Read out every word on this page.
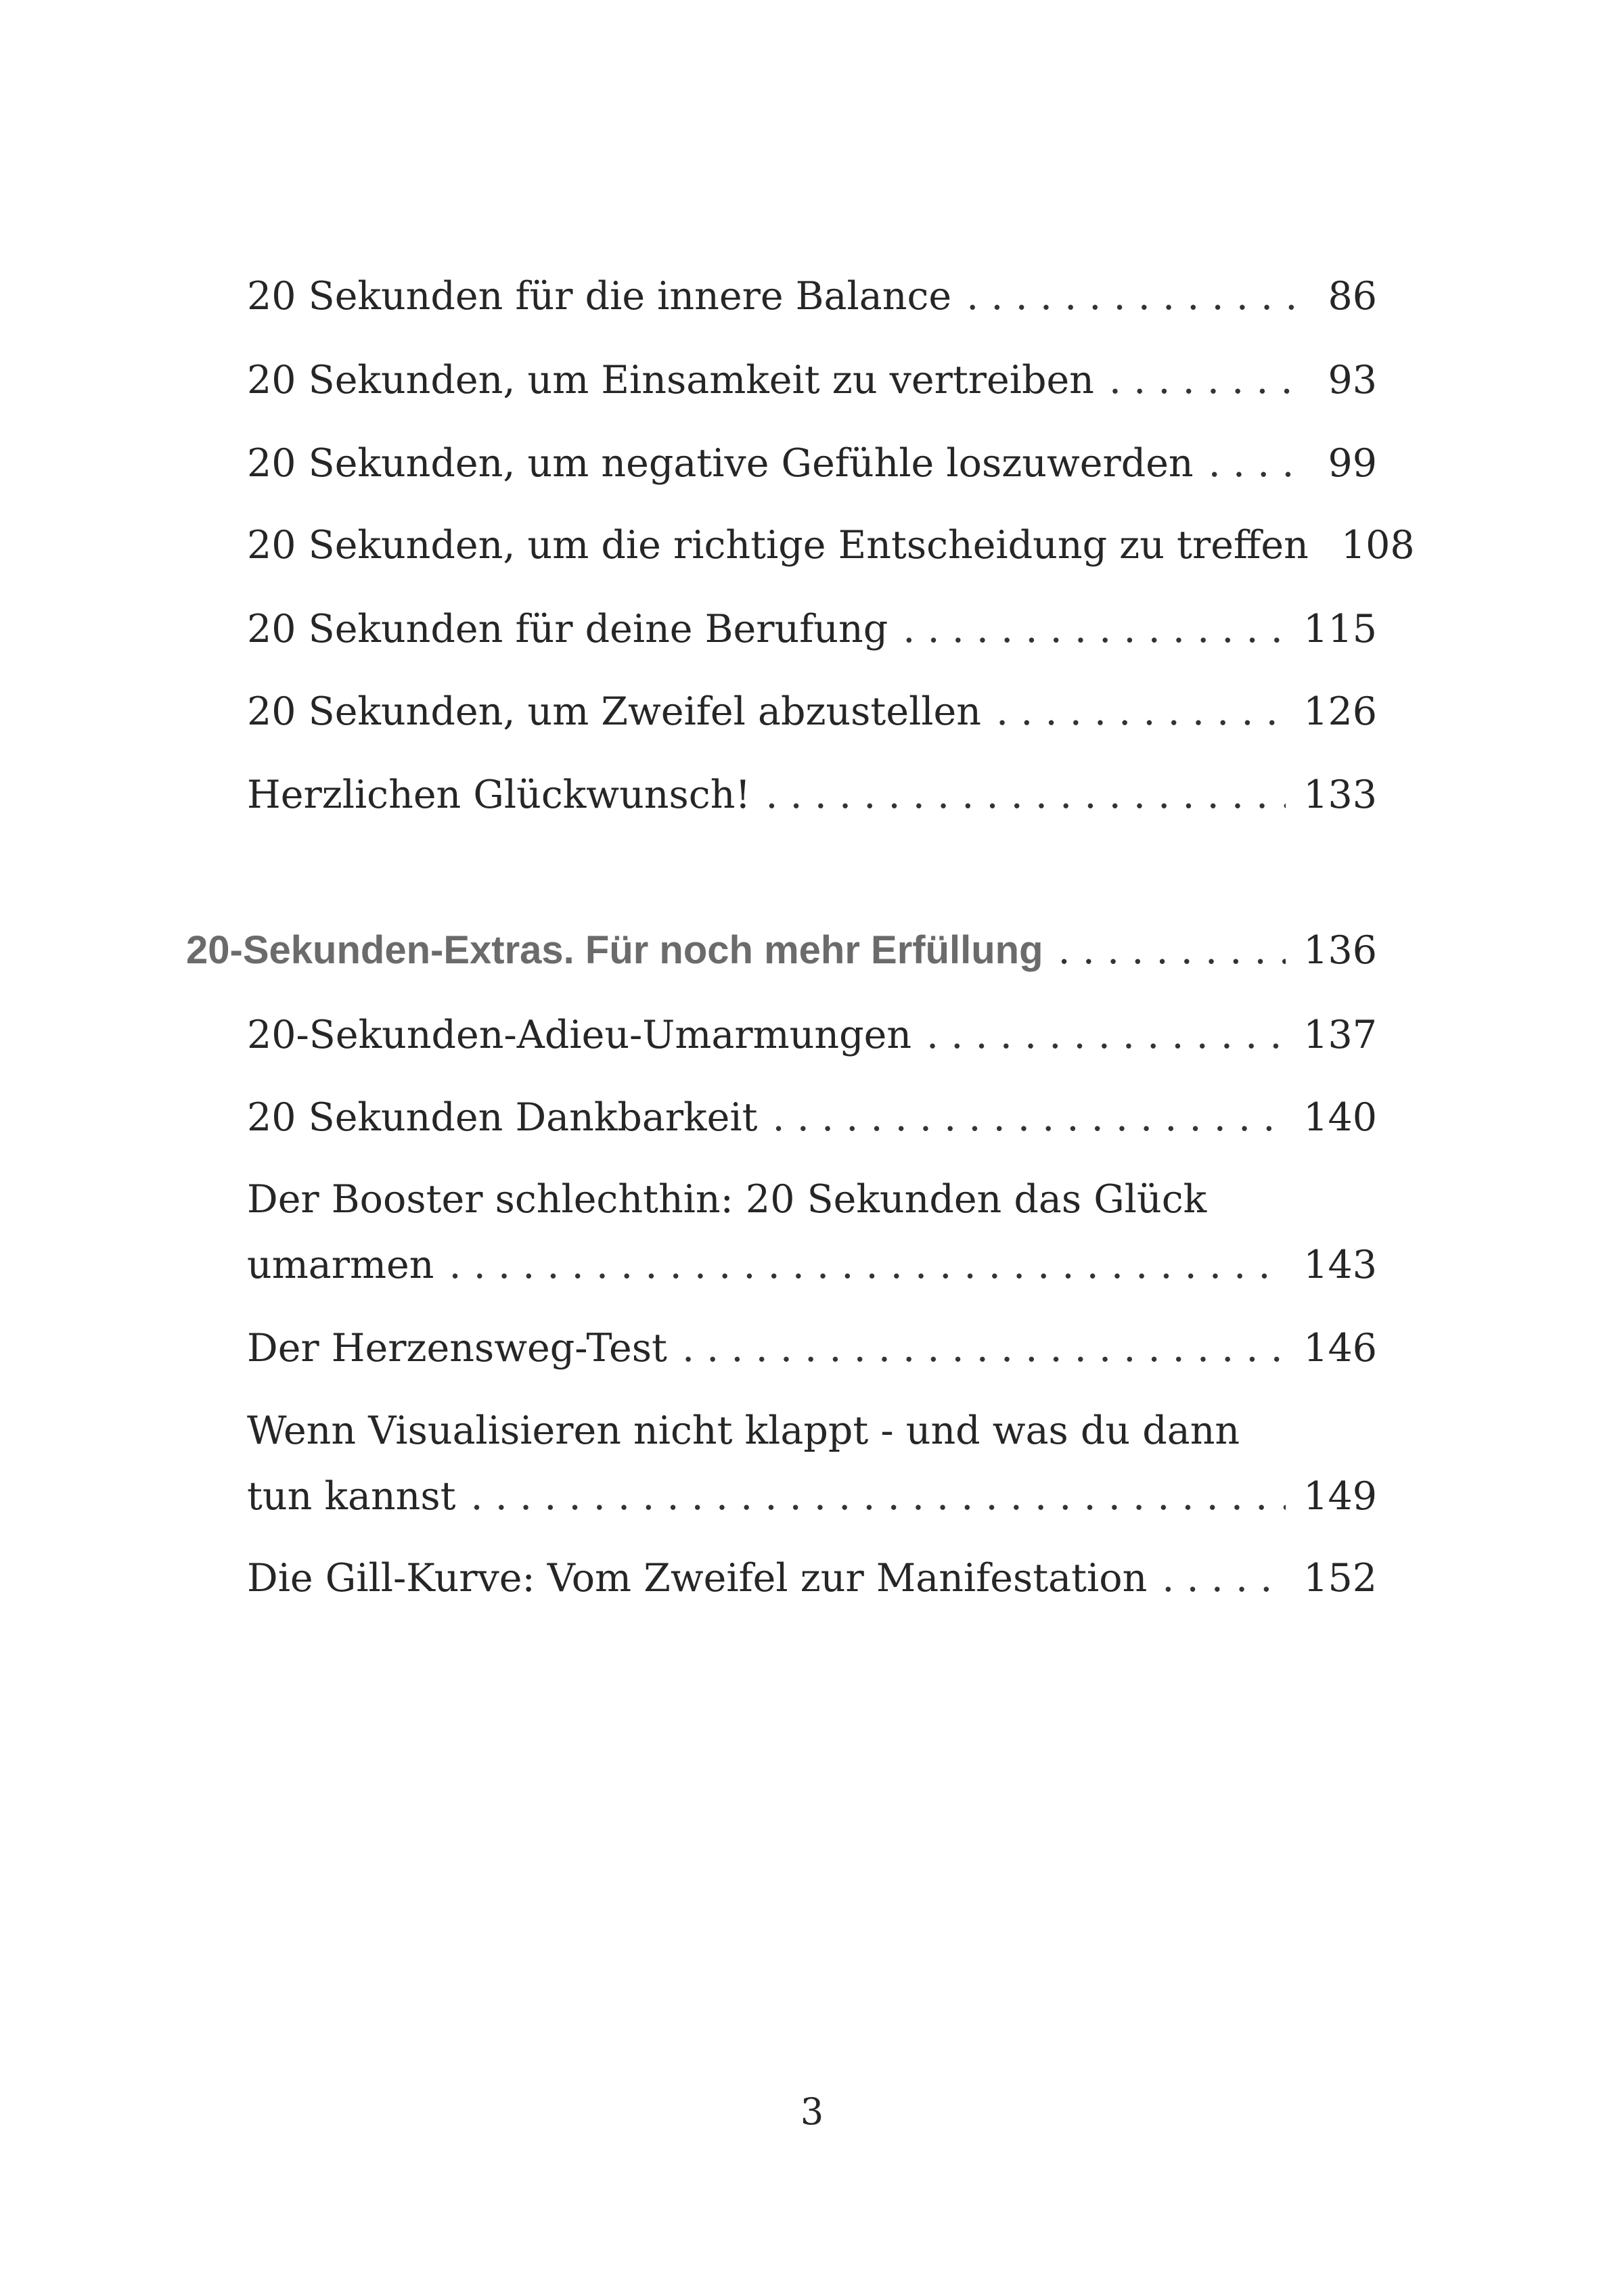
20 Sekunden für die innere Balance . . .	86
20 Sekunden, um Einsamkeit zu vertreiben . . .	93
20 Sekunden, um negative Gefühle loszuwerden . . .	99
20 Sekunden, um die richtige Entscheidung zu treffen 108
20 Sekunden für deine Berufung . . .	115
20 Sekunden, um Zweifel abzustellen . . .	126
Herzlichen Glückwunsch! . . .	133
20-Sekunden-Extras. Für noch mehr Erfüllung . . .	136
20-Sekunden-Adieu-Umarmungen . . .	137
20 Sekunden Dankbarkeit . . .	140
Der Booster schlechthin: 20 Sekunden das Glück
umarmen . . .	143
Der Herzensweg-Test . . .	146
Wenn Visualisieren nicht klappt - und was du dann
tun kannst . . .	149
Die Gill-Kurve: Vom Zweifel zur Manifestation . . .	152
3
